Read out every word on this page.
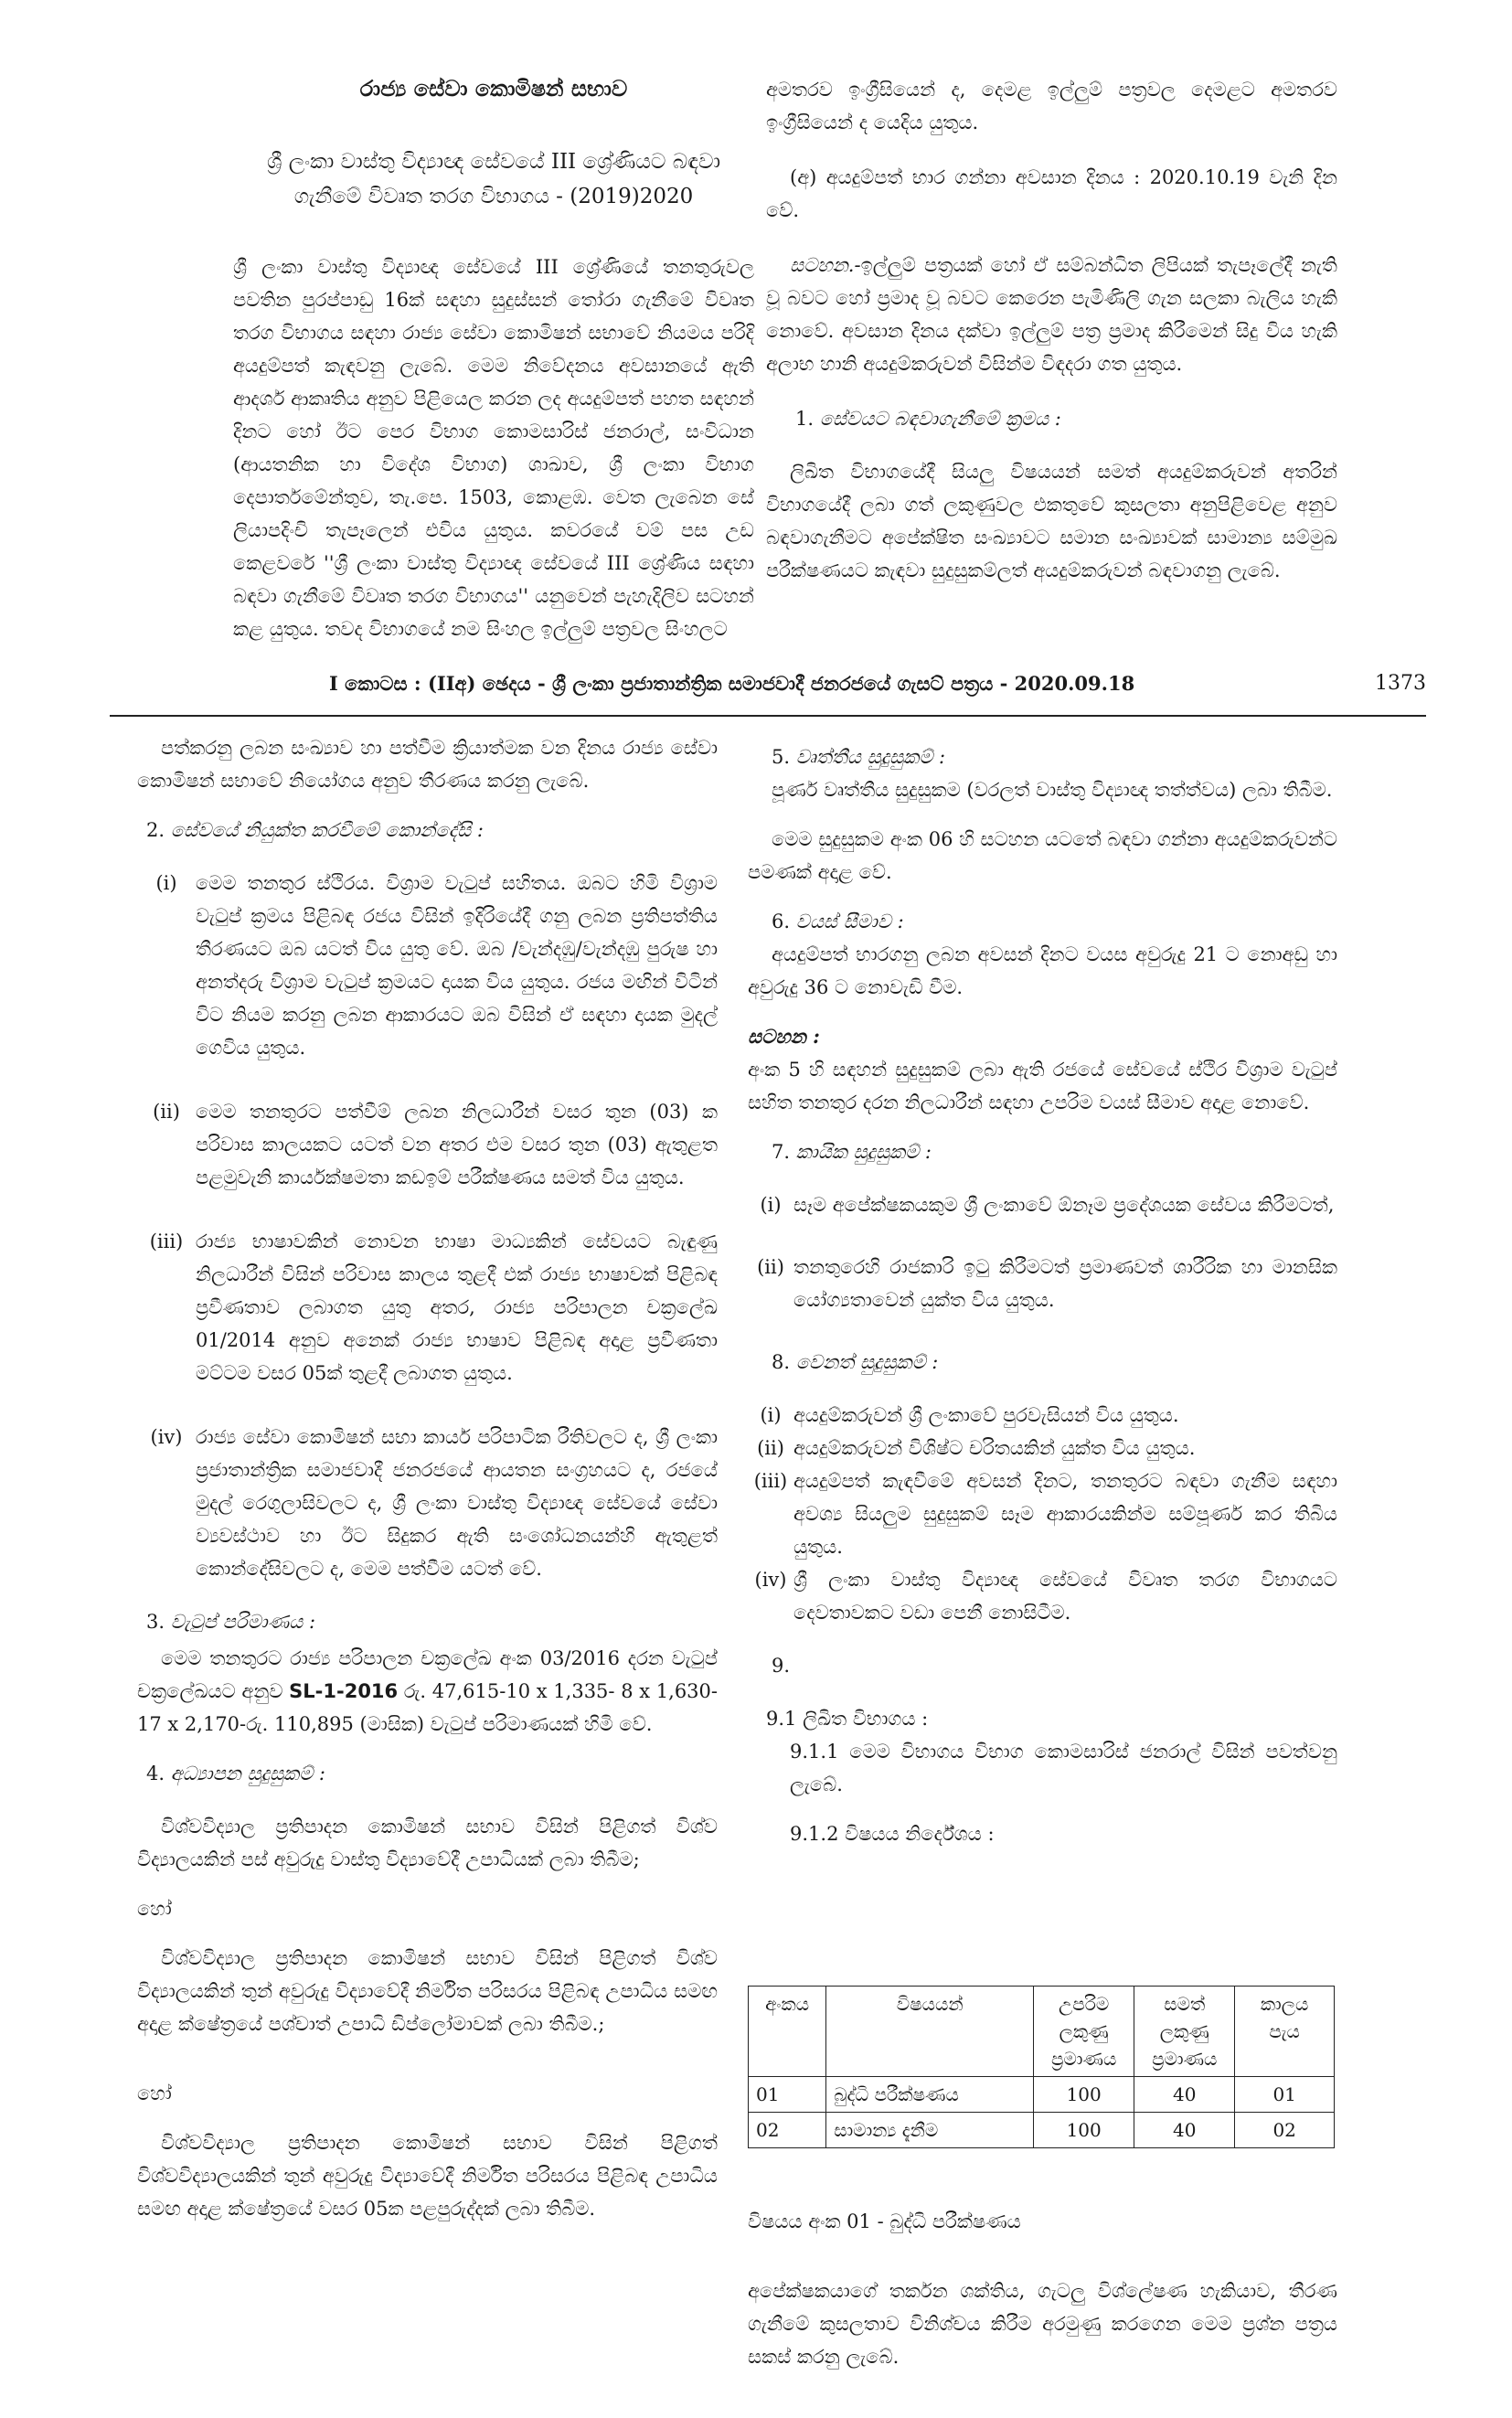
රාජ්‍ය සේවා කොමිෂන් සභාව
ශ්‍රී ලංකා වාස්තු විද්‍යාඥ සේවයේ III ශ්‍රේණියට බඳවා
ගැනීමේ විවෘත තරග විභාගය - (2019)2020

ශ්‍රී ලංකා වාස්තු විද්‍යාඥ සේවයේ III ශ්‍රේණියේ තනතුරුවල පවතින පුරප්පාඩු 16ක් සඳහා සුදුස්සන් තෝරා ගැනීමේ විවෘත තරග විභාගය සඳහා රාජ්‍ය සේවා කොමිෂන් සභාවේ නියමය පරිදි අයදුම්පත් කැඳවනු ලැබේ. මෙම නිවේදනය අවසානයේ ඇති ආදර්ශ ආකෘතිය අනුව පිළියෙල කරන ලද අයදුම්පත් පහත සඳහන් දිනට හෝ ඊට පෙර විභාග කොමසාරිස් ජනරාල්, සංවිධාන (ආයතනික හා විදේශ විභාග) ශාඛාව, ශ්‍රී ලංකා විභාග දෙපාර්තමේන්තුව, තැ.පෙ. 1503, කොළඹ. වෙත ලැබෙන සේ ලියාපදිංචි තැපෑලෙන් එවිය යුතුය. කවරයේ වම් පස උඩ කෙළවරේ ''ශ්‍රී ලංකා වාස්තු විද්‍යාඥ සේවයේ III ශ්‍රේණිය සඳහා බඳවා ගැනීමේ විවෘත තරග විභාගය'' යනුවෙන් පැහැදිලිව සටහන් කළ යුතුය. තවද විභාගයේ නම සිංහල ඉල්ලුම් පත්‍රවල සිංහලට

අමතරව ඉංග්‍රීසියෙන් ද, දෙමළ ඉල්ලුම් පත්‍රවල දෙමළට අමතරව ඉංග්‍රීසියෙන් ද යෙදිය යුතුය.

(අ) අයදුම්පත් භාර ගන්නා අවසාන දිනය : 2020.10.19 වැනි දින වේ.

සටහන.-ඉල්ලුම් පත්‍රයක් හෝ ඒ සම්බන්ධිත ලිපියක් තැපෑලේදී නැති වූ බවට හෝ ප්‍රමාද වූ බවට කෙරෙන පැමිණිලි ගැන සලකා බැලිය හැකි නොවේ. අවසාන දිනය දක්වා ඉල්ලුම් පත්‍ර ප්‍රමාද කිරීමෙන් සිදු විය හැකි අලාභ හානි අයදුම්කරුවන් විසින්ම විඳදරා ගත යුතුය.

1. සේවයට බඳවාගැනීමේ ක්‍රමය :

ලිඛිත විභාගයේදී සියලු විෂයයන් සමත් අයදුම්කරුවන් අතරින් විභාගයේදී ලබා ගත් ලකුණුවල එකතුවේ කුසලතා අනුපිළිවෙළ අනුව බඳවාගැනීමට අපේක්ෂිත සංඛ්‍යාවට සමාන සංඛ්‍යාවක් සාමාන්‍ය සම්මුඛ පරීක්ෂණයට කැඳවා සුදුසුකම්ලත් අයදුම්කරුවන් බඳවාගනු ලැබේ.

I කොටස : (IIඅ) ඡෙදය - ශ්‍රී ලංකා ප්‍රජාතාන්ත්‍රික සමාජවාදී ජනරජයේ ගැසට් පත්‍රය - 2020.09.18	1373

පත්කරනු ලබන සංඛ්‍යාව හා පත්වීම ක්‍රියාත්මක වන දිනය රාජ්‍ය සේවා කොමිෂන් සභාවේ නියෝගය අනුව තීරණය කරනු ලැබේ.

2. සේවයේ නියුක්ත කරවීමේ කොන්දේසි :
(i) මෙම තනතුර ස්ථිරය. විශ්‍රාම වැටුප් සහිතය. ඔබට හිමි විශ්‍රාම වැටුප් ක්‍රමය පිළිබඳ රජය විසින් ඉදිරියේදී ගනු ලබන ප්‍රතිපත්තිය තීරණයට ඔබ යටත් විය යුතු වේ. ඔබ /වැන්දඹු/වැන්දඹු පුරුෂ හා අනත්දරු විශ්‍රාම වැටුප් ක්‍රමයට දායක විය යුතුය. රජය මඟින් විටින් විට නියම කරනු ලබන ආකාරයට ඔබ විසින් ඒ සඳහා දායක මුදල් ගෙවිය යුතුය.
(ii) මෙම තනතුරට පත්වීම් ලබන නිලධාරීන් වසර තුන (03) ක පරිවාස කාලයකට යටත් වන අතර එම වසර තුන (03) ඇතුළත පළමුවැනි කාර්යක්ෂමතා කඩඉම් පරීක්ෂණය සමත් විය යුතුය.
(iii) රාජ්‍ය භාෂාවකින් නොවන භාෂා මාධ්‍යකින් සේවයට බැඳුණු නිලධාරීන් විසින් පරිවාස කාලය තුළදී එක් රාජ්‍ය භාෂාවක් පිළිබඳ ප්‍රවීණතාව ලබාගත යුතු අතර, රාජ්‍ය පරිපාලන චක්‍රලේඛ 01/2014 අනුව අනෙක් රාජ්‍ය භාෂාව පිළිබඳ අදාළ ප්‍රවීණතා මට්ටම වසර 05ක් තුළදී ලබාගත යුතුය.
(iv) රාජ්‍ය සේවා කොමිෂන් සභා කාර්ය පරිපාටික රීතිවලට ද, ශ්‍රී ලංකා ප්‍රජාතාන්ත්‍රික සමාජවාදී ජනරජයේ ආයතන සංග්‍රහයට ද, රජයේ මුදල් රෙගුලාසිවලට ද, ශ්‍රී ලංකා වාස්තු විද්‍යාඥ සේවයේ සේවා ව්‍යවස්ථාව හා ඊට සිදුකර ඇති සංශෝධනයන්හි ඇතුළත් කොන්දේසිවලට ද, මෙම පත්වීම යටත් වේ.
3. වැටුප් පරිමාණය :

මෙම තනතුරට රාජ්‍ය පරිපාලන චක්‍රලේඛ අංක 03/2016 දරන වැටුප් චක්‍රලේඛයට අනුව SL-1-2016 රු. 47,615-10 x 1,335- 8 x 1,630- 17 x 2,170-රු. 110,895 (මාසික) වැටුප් පරිමාණයක් හිමි වේ.

4. අධ්‍යාපන සුදුසුකම් :

විශ්වවිද්‍යාල ප්‍රතිපාදන කොමිෂන් සභාව විසින් පිළිගත් විශ්ව විද්‍යාලයකින් පස් අවුරුදු වාස්තු විද්‍යාවේදී උපාධියක් ලබා තිබීම;

හෝ

විශ්වවිද්‍යාල ප්‍රතිපාදන කොමිෂන් සභාව විසින් පිළිගත් විශ්ව විද්‍යාලයකින් තුන් අවුරුදු විද්‍යාවේදී නිර්මිත පරිසරය පිළිබඳ උපාධිය සමඟ අදාළ ක්ෂේත්‍රයේ පශ්චාත් උපාධි ඩිප්ලෝමාවක් ලබා තිබීම.;

හෝ

විශ්වවිද්‍යාල ප්‍රතිපාදන කොමිෂන් සභාව විසින් පිළිගත් විශ්වවිද්‍යාලයකින් තුන් අවුරුදු විද්‍යාවේදී නිර්මිත පරිසරය පිළිබඳ උපාධිය සමඟ අදාළ ක්ෂේත්‍රයේ වසර 05ක පළපුරුද්දක් ලබා තිබීම.

5. වෘත්තීය සුදුසුකම් :

පූර්ණ වෘත්තීය සුදුසුකම (වරලත් වාස්තු විද්‍යාඥ තත්ත්වය) ලබා තිබීම.

මෙම සුදුසුකම අංක 06 හි සටහන යටතේ බඳවා ගන්නා අයදුම්කරුවන්ට පමණක් අදාළ වේ.

6. වයස් සීමාව :

අයදුම්පත් භාරගනු ලබන අවසන් දිනට වයස අවුරුදු 21 ට නොඅඩු හා අවුරුදු 36 ට නොවැඩි වීම.

සටහන :

අංක 5 හි සඳහන් සුදුසුකම් ලබා ඇති රජයේ සේවයේ ස්ථිර විශ්‍රාම වැටුප් සහිත තනතුර දරන නිලධාරීන් සඳහා උපරිම වයස් සීමාව අදාළ නොවේ.

7. කායික සුදුසුකම් :
(i) සෑම අපේක්ෂකයකුම ශ්‍රී ලංකාවේ ඕනෑම ප්‍රදේශයක සේවය කිරීමටත්,
(ii) තනතුරෙහි රාජකාරි ඉටු කිරීමටත් ප්‍රමාණවත් ශාරීරික හා මානසික යෝග්‍යතාවෙන් යුක්ත විය යුතුය.
8. වෙනත් සුදුසුකම් :
(i) අයදුම්කරුවන් ශ්‍රී ලංකාවේ පුරවැසියන් විය යුතුය.
(ii) අයදුම්කරුවන් විශිෂ්ට චරිතයකින් යුක්ත විය යුතුය.
(iii) අයදුම්පත් කැඳවීමේ අවසන් දිනට, තනතුරට බඳවා ගැනීම සඳහා අවශ්‍ය සියලුම සුදුසුකම් සෑම ආකාරයකින්ම සම්පූර්ණ කර තිබිය යුතුය.
(iv) ශ්‍රී ලංකා වාස්තු විද්‍යාඥ සේවයේ විවෘත තරග විභාගයට දෙවතාවකට වඩා පෙනී නොසිටීම.
9.
9.1 ලිඛිත විභාගය :
9.1.1 මෙම විභාගය විභාග කොමසාරිස් ජනරාල් විසින් පවත්වනු ලැබේ.
9.1.2 විෂයය නිර්දේශය :
අංකය	විෂයයන්	උපරිම ලකුණු ප්‍රමාණය	සමත් ලකුණු ප්‍රමාණය	කාලය පැය
01	බුද්ධි පරීක්ෂණය	100	40	01
02	සාමාන්‍ය දැනීම	100	40	02

විෂයය අංක 01 - බුද්ධි පරීක්ෂණය

අපේක්ෂකයාගේ තර්කන ශක්තිය, ගැටලු විශ්ලේෂණ හැකියාව, තීරණ ගැනීමේ කුසලතාව විනිශ්චය කිරීම අරමුණු කරගෙන මෙම ප්‍රශ්න පත්‍රය සකස් කරනු ලැබේ.
